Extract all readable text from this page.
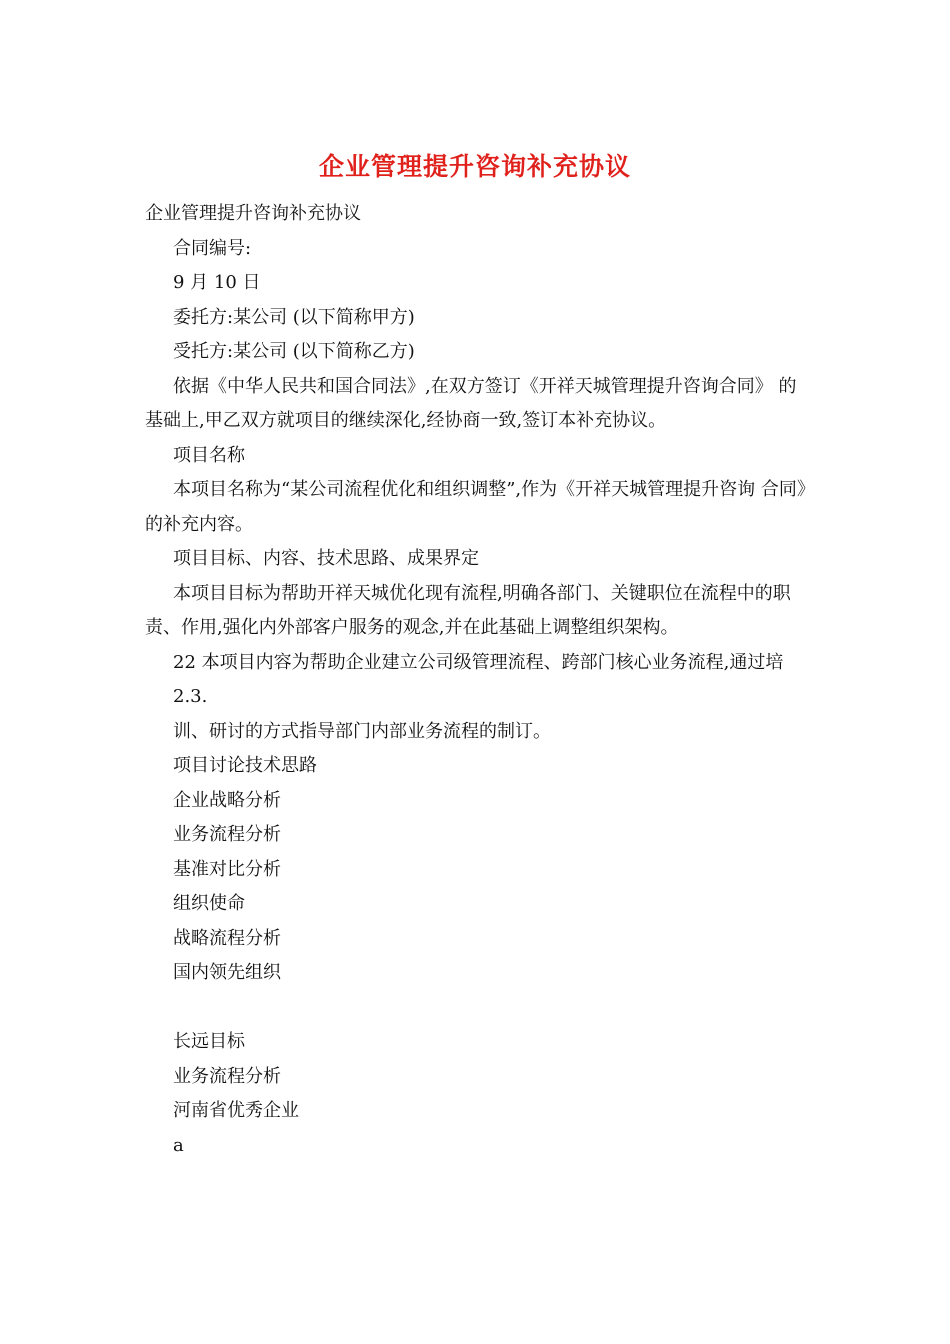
企业管理提升咨询补充协议

企业管理提升咨询补充协议

合同编号:

9 月 10 日

委托方:某公司 (以下简称甲方)

受托方:某公司 (以下简称乙方)

依据《中华人民共和国合同法》,在双方签订《开祥天城管理提升咨询合同》 的基础上,甲乙双方就项目的继续深化,经协商一致,签订本补充协议。

项目名称

本项目名称为“某公司流程优化和组织调整”,作为《开祥天城管理提升咨询 合同》的补充内容。

项目目标、内容、技术思路、成果界定

本项目目标为帮助开祥天城优化现有流程,明确各部门、关键职位在流程中的职责、作用,强化内外部客户服务的观念,并在此基础上调整组织架构。

22 本项目内容为帮助企业建立公司级管理流程、跨部门核心业务流程,通过培

2.3.

训、研讨的方式指导部门内部业务流程的制订。

项目讨论技术思路

企业战略分析

业务流程分析

基准对比分析

组织使命

战略流程分析

国内领先组织

长远目标

业务流程分析

河南省优秀企业

a
